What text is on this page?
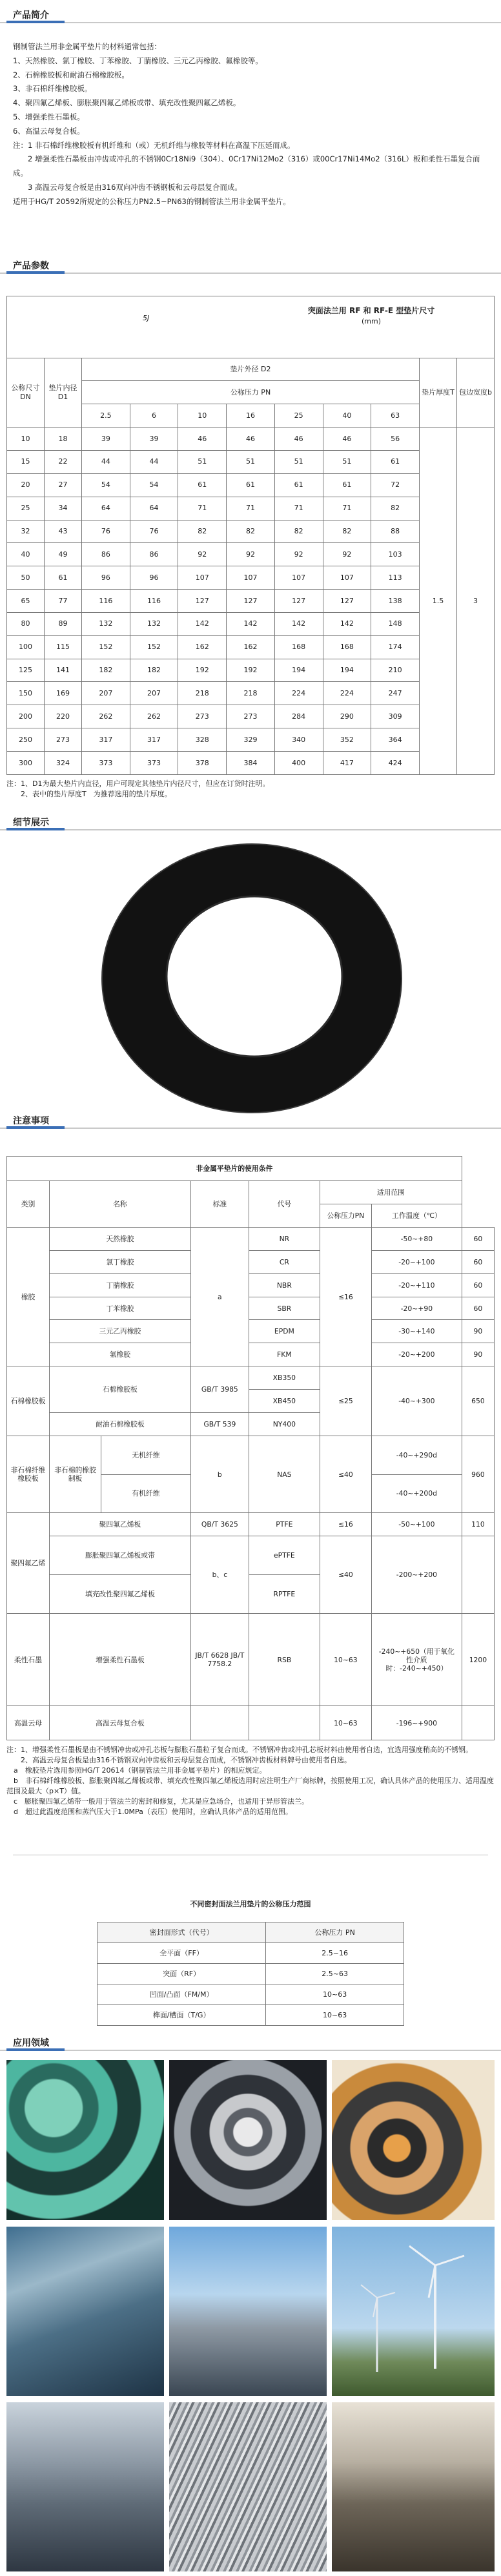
产品简介

钢制管法兰用非金属平垫片的材料通常包括：

1、天然橡胶、氯丁橡胶、丁苯橡胶、丁腈橡胶、三元乙丙橡胶、氟橡胶等。

2、石棉橡胶板和耐油石棉橡胶板。

3、非石棉纤维橡胶板。

4、聚四氟乙烯板、膨胀聚四氟乙烯板或带、填充改性聚四氟乙烯板。

5、增强柔性石墨板。

6、高温云母复合板。

注：1 非石棉纤维橡胶板有机纤维和（或）无机纤维与橡胶等材料在高温下压延而成。

　　2 增强柔性石墨板由冲齿或冲孔的不锈钢0Cr18Ni9（304）、0Cr17Ni12Mo2（316）或00Cr17Ni14Mo2（316L）板和柔性石墨复合而成。

　　3 高温云母复合板是由316双向冲齿不锈钢板和云母层复合而成。

适用于HG/T 20592所规定的公称压力PN2.5~PN63的钢制管法兰用非金属平垫片。

产品参数
5J
突面法兰用 RF 和 RF-E 型垫片尺寸
(mm)										

公称尺寸DN	垫片内径D1	垫片外径 D2							垫片厚度T	包边宽度b
		公称压力 PN								
		2.5	6	10	16	25	40	63		
10	18	39	39	46	46	46	46	56	1.5	3
15	22	44	44	51	51	51	51	61		
20	27	54	54	61	61	61	61	72		
25	34	64	64	71	71	71	71	82		
32	43	76	76	82	82	82	82	88		
40	49	86	86	92	92	92	92	103		
50	61	96	96	107	107	107	107	113		
65	77	116	116	127	127	127	127	138		
80	89	132	132	142	142	142	142	148		
100	115	152	152	162	162	168	168	174		
125	141	182	182	192	192	194	194	210		
150	169	207	207	218	218	224	224	247		
200	220	262	262	273	273	284	290	309		
250	273	317	317	328	329	340	352	364		
300	324	373	373	378	384	400	417	424		

注：1、D1为最大垫片内直径，用户可现定其他垫片内径尺寸，但应在订货时注明。

　　2、表中的垫片厚度T　为推荐选用的垫片厚度。

细节展示
注意事项
非金属平垫片的使用条件							
类别	名称		标准	代号	适用范围		
					公称压力PN	工作温度（℃）	
橡胶	天然橡胶		a	NR	≤16	-50~+80	60
	氯丁橡胶			CR		-20~+100	60
	丁腈橡胶			NBR		-20~+110	60
	丁苯橡胶			SBR		-20~+90	60
	三元乙丙橡胶			EPDM		-30~+140	90
	氟橡胶			FKM		-20~+200	90
石棉橡胶板	石棉橡胶板		GB/T 3985	XB350	≤25	-40~+300	650
				XB450			
	耐油石棉橡胶板		GB/T 539	NY400			
非石棉纤维橡胶板	非石棉的橡胶制板	无机纤维	b	NAS	≤40	-40~+290d	960
		有机纤维				-40~+200d	
聚四氟乙烯	聚四氟乙烯板		QB/T 3625	PTFE	≤16	-50~+100	110
	膨胀聚四氟乙烯板或带		b、c	ePTFE	≤40	-200~+200	
	填充改性聚四氟乙烯板			RPTFE			
柔性石墨	增强柔性石墨板		JB/T 6628 JB/T 7758.2	RSB	10~63	-240~+650（用于氧化性介质时：-240~+450）	1200
高温云母	高温云母复合板				10~63	-196~+900	

注：1、增强柔性石墨板是由不锈钢冲齿或冲孔芯板与膨胀石墨粒子复合而成。不锈钢冲齿或冲孔芯板材料由使用者自选，宜选用强度稍高的不锈钢。

　　2、高温云母复合板是由316不锈钢双向冲齿板和云母层复合而成，不锈钢冲齿板材料牌号由使用者自选。

　a　橡胶垫片选用参照HG/T 20614（钢制管法兰用非金属平垫片）的相应规定。

　b　非石棉纤维橡胶板、膨胀聚四氟乙烯板或带、填充改性聚四氟乙烯板选用时应注明生产厂商标牌，按照使用工况，确认具体产品的使用压力、适用温度范围及最大（p×T）值。

　c　膨胀聚四氟乙烯带一般用于管法兰的密封和修复，尤其是应急场合，也适用于异形管法兰。

　d　超过此温度范围和蒸汽压大于1.0MPa（表压）使用时，应确认具体产品的适用范围。

不同密封面法兰用垫片的公称压力范围	
密封面形式（代号）	公称压力 PN
全平面（FF）	2.5~16
突面（RF）	2.5~63
凹面/凸面（FM/M）	10~63
榫面/槽面（T/G）	10~63
应用领域
